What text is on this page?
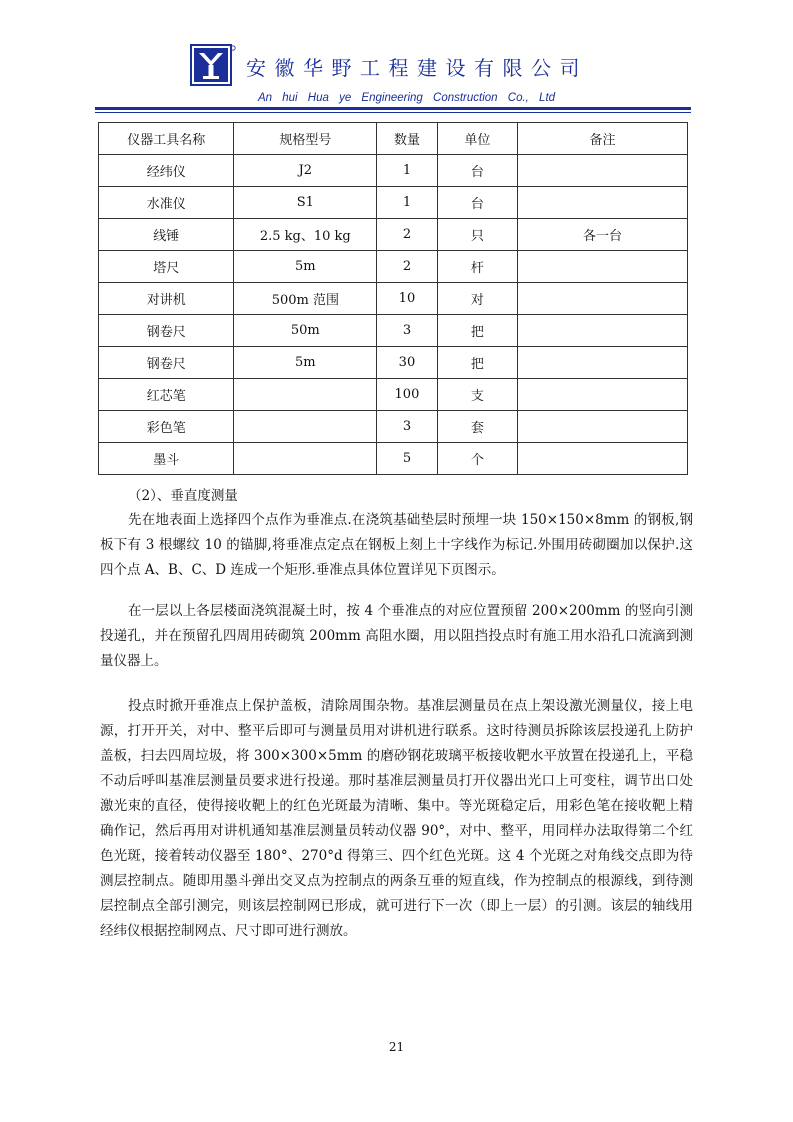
安徽华野工程建设有限公司
An hui Hua ye Engineering Construction Co., Ltd
仪器工具名称	规格型号	数量	单位	备注
经纬仪	J2	1	台	
水准仪	S1	1	台	
线锤	2.5 kg、10 kg	2	只	各一台
塔尺	5m	2	杆	
对讲机	500m 范围	10	对	
钢卷尺	50m	3	把	
钢卷尺	5m	30	把	
红芯笔		100	支	
彩色笔		3	套	
墨斗		5	个	
（2）、垂直度测量

先在地表面上选择四个点作为垂准点.在浇筑基础垫层时预埋一块 150×150×8mm 的钢板,钢板下有 3 根螺纹 10 的锚脚,将垂准点定点在钢板上刻上十字线作为标记.外围用砖砌圈加以保护.这四个点 A、B、C、D 连成一个矩形.垂准点具体位置详见下页图示。

在一层以上各层楼面浇筑混凝土时，按 4 个垂准点的对应位置预留 200×200mm 的竖向引测投递孔，并在预留孔四周用砖砌筑 200mm 高阻水圈，用以阻挡投点时有施工用水沿孔口流滴到测量仪器上。

投点时掀开垂准点上保护盖板，清除周围杂物。基准层测量员在点上架设激光测量仪，接上电源，打开开关，对中、整平后即可与测量员用对讲机进行联系。这时待测员拆除该层投递孔上防护盖板，扫去四周垃圾，将 300×300×5mm 的磨砂钢花玻璃平板接收靶水平放置在投递孔上，平稳不动后呼叫基准层测量员要求进行投递。那时基准层测量员打开仪器出光口上可变柱，调节出口处激光束的直径，使得接收靶上的红色光斑最为清晰、集中。等光斑稳定后，用彩色笔在接收靶上精确作记，然后再用对讲机通知基准层测量员转动仪器 90°，对中、整平，用同样办法取得第二个红色光斑，接着转动仪器至 180°、270°d 得第三、四个红色光斑。这 4 个光斑之对角线交点即为待测层控制点。随即用墨斗弹出交叉点为控制点的两条互垂的短直线，作为控制点的根源线，到待测层控制点全部引测完，则该层控制网已形成，就可进行下一次（即上一层）的引测。该层的轴线用经纬仪根据控制网点、尺寸即可进行测放。

21
